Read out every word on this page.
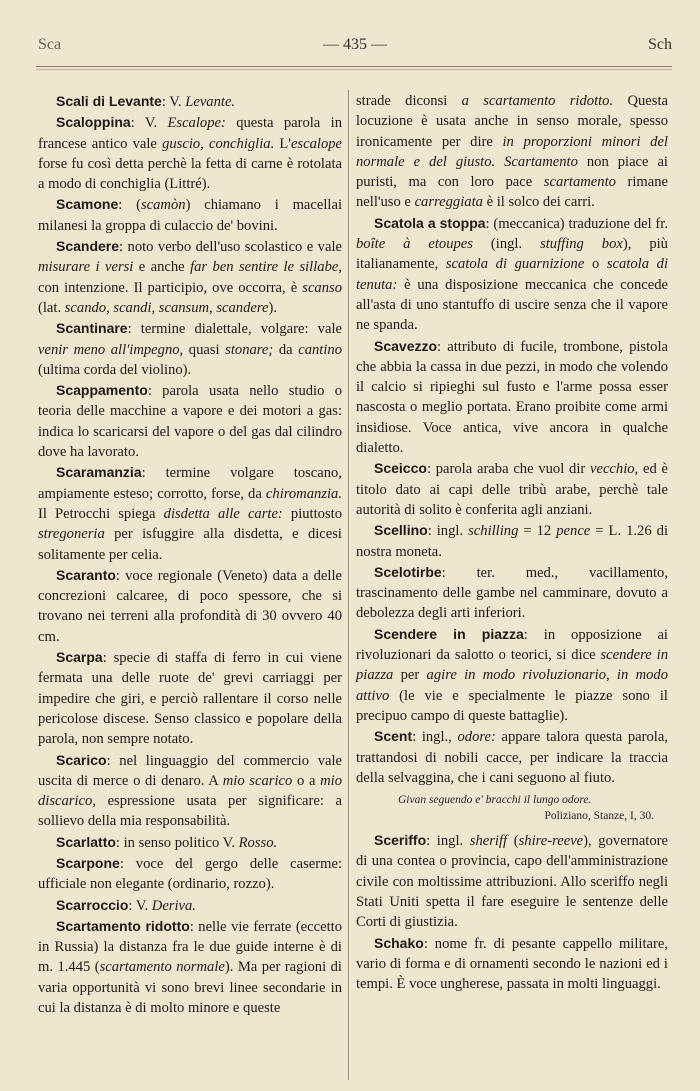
Sca	— 435 —	Sch

Scali di Levante: V. Levante.

Scaloppina: V. Escalope: questa parola in francese antico vale guscio, conchiglia. L'escalope forse fu così detta perchè la fetta di carne è rotolata a modo di conchiglia (Littré).

Scamone: (scamòn) chiamano i macellai milanesi la groppa di culaccio de' bovini.

Scandere: noto verbo dell'uso scolastico e vale misurare i versi e anche far ben sentire le sillabe, con intenzione. Il participio, ove occorra, è scanso (lat. scando, scandi, scansum, scandere).

Scantinare: termine dialettale, volgare: vale venir meno all'impegno, quasi stonare; da cantino (ultima corda del violino).

Scappamento: parola usata nello studio o teoria delle macchine a vapore e dei motori a gas: indica lo scaricarsi del vapore o del gas dal cilindro dove ha lavorato.

Scaramanzia: termine volgare toscano, ampiamente esteso; corrotto, forse, da chiromanzia. Il Petrocchi spiega disdetta alle carte: piuttosto stregoneria per isfuggire alla disdetta, e dicesi solitamente per celia.

Scaranto: voce regionale (Veneto) data a delle concrezioni calcaree, di poco spessore, che si trovano nei terreni alla profondità di 30 ovvero 40 cm.

Scarpa: specie di staffa di ferro in cui viene fermata una delle ruote de' grevi carriaggi per impedire che giri, e perciò rallentare il corso nelle pericolose discese. Senso classico e popolare della parola, non sempre notato.

Scarico: nel linguaggio del commercio vale uscita di merce o di denaro. A mio scarico o a mio discarico, espressione usata per significare: a sollievo della mia responsabilità.

Scarlatto: in senso politico V. Rosso.

Scarpone: voce del gergo delle caserme: ufficiale non elegante (ordinario, rozzo).

Scarroccio: V. Deriva.

Scartamento ridotto: nelle vie ferrate (eccetto in Russia) la distanza fra le due guide interne è di m. 1.445 (scartamento normale). Ma per ragioni di varia opportunità vi sono brevi linee secondarie in cui la distanza è di molto minore e queste

strade diconsi a scartamento ridotto. Questa locuzione è usata anche in senso morale, spesso ironicamente per dire in proporzioni minori del normale e del giusto. Scartamento non piace ai puristi, ma con loro pace scartamento rimane nell'uso e carreggiata è il solco dei carri.

Scatola a stoppa: (meccanica) traduzione del fr. boîte à etoupes (ingl. stuffing box), più italianamente, scatola di guarnizione o scatola di tenuta: è una disposizione meccanica che concede all'asta di uno stantuffo di uscire senza che il vapore ne spanda.

Scavezzo: attributo di fucile, trombone, pistola che abbia la cassa in due pezzi, in modo che volendo il calcio si ripieghi sul fusto e l'arme possa esser nascosta o meglio portata. Erano proibite come armi insidiose. Voce antica, vive ancora in qualche dialetto.

Sceicco: parola araba che vuol dir vecchio, ed è titolo dato ai capi delle tribù arabe, perchè tale autorità di solito è conferita agli anziani.

Scellino: ingl. schilling = 12 pence = L. 1.26 di nostra moneta.

Scelotirbe: ter. med., vacillamento, trascinamento delle gambe nel camminare, dovuto a debolezza degli arti inferiori.

Scendere in piazza: in opposizione ai rivoluzionari da salotto o teorici, si dice scendere in piazza per agire in modo rivoluzionario, in modo attivo (le vie e specialmente le piazze sono il precipuo campo di queste battaglie).

Scent: ingl., odore: appare talora questa parola, trattandosi di nobili cacce, per indicare la traccia della selvaggina, che i cani seguono al fiuto.

Givan seguendo e' bracchi il lungo odore.
Poliziano, Stanze, I, 30.

Sceriffo: ingl. sheriff (shire-reeve), governatore di una contea o provincia, capo dell'amministrazione civile con moltissime attribuzioni. Allo sceriffo negli Stati Uniti spetta il fare eseguire le sentenze delle Corti di giustizia.

Schako: nome fr. di pesante cappello militare, vario di forma e di ornamenti secondo le nazioni ed i tempi. È voce ungherese, passata in molti linguaggi.
